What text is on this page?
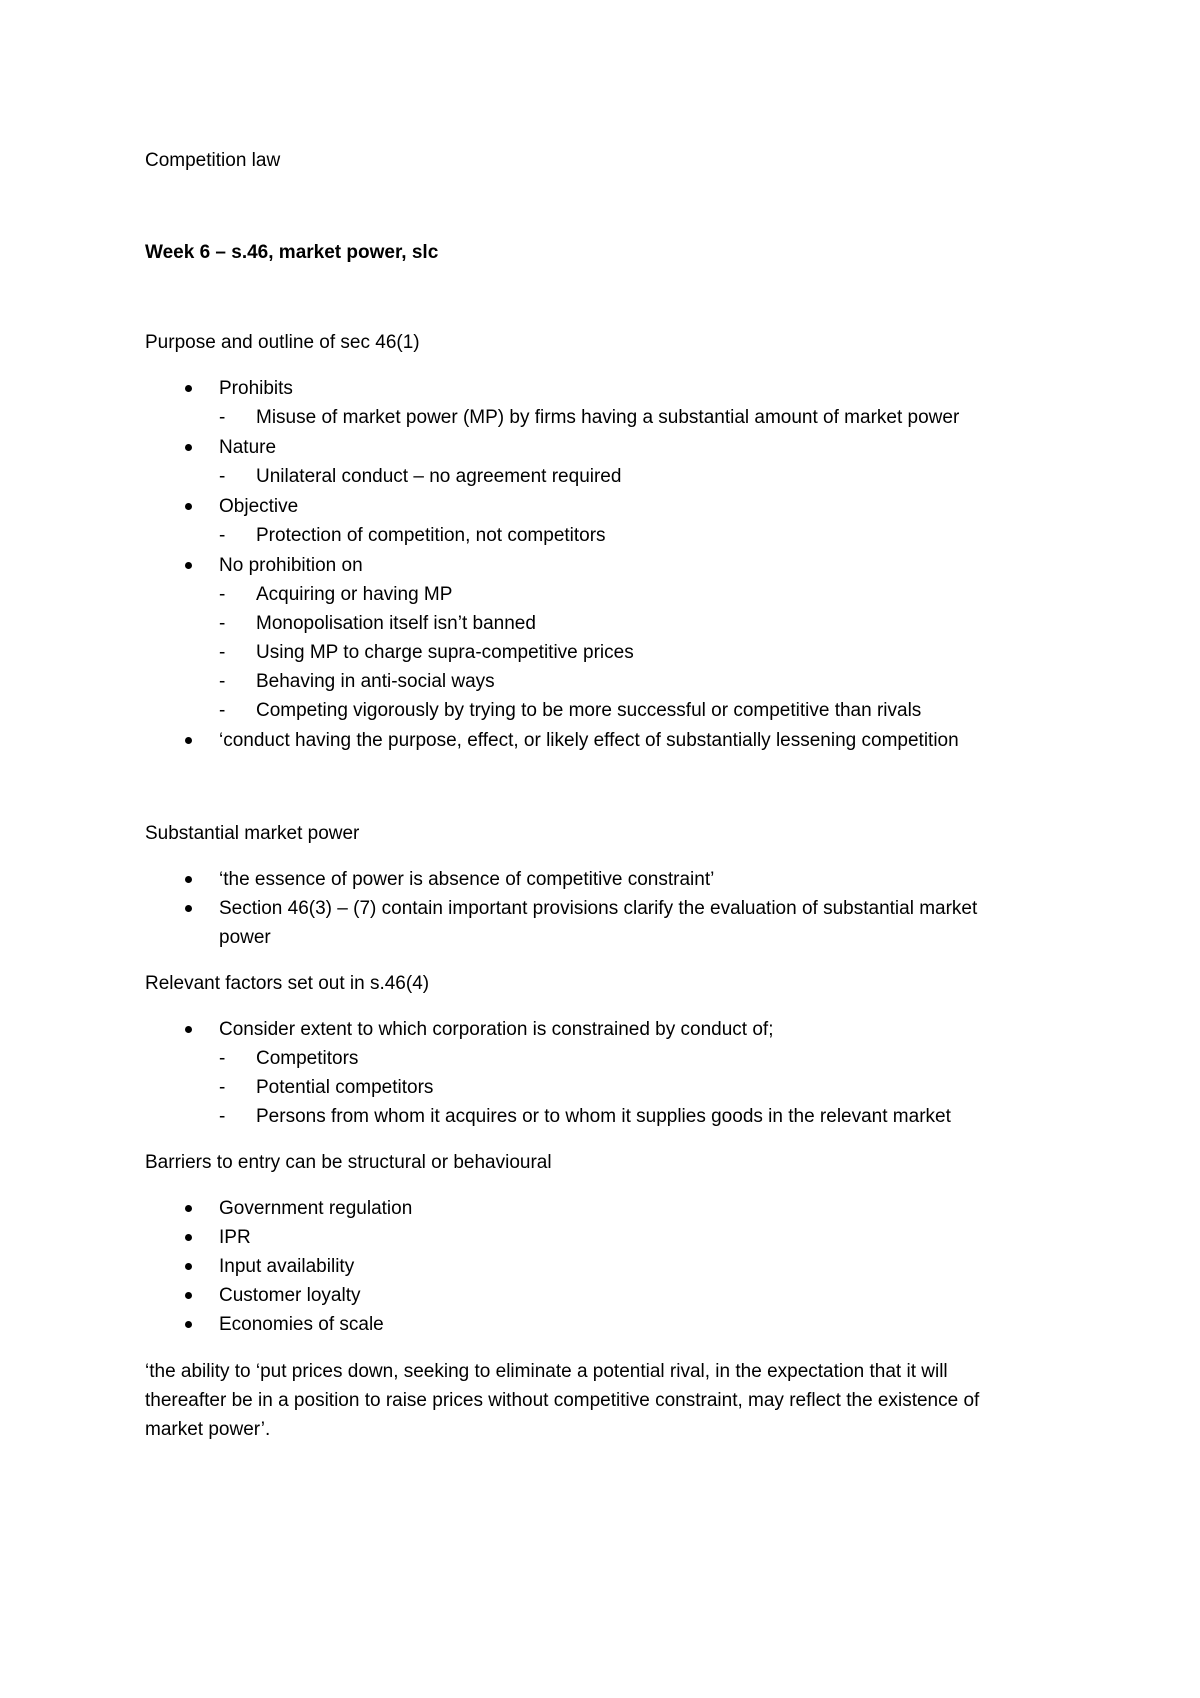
Competition law
Week 6 – s.46, market power, slc
Purpose and outline of sec 46(1)
Prohibits
- Misuse of market power (MP) by firms having a substantial amount of market power
Nature
- Unilateral conduct – no agreement required
Objective
- Protection of competition, not competitors
No prohibition on
- Acquiring or having MP
- Monopolisation itself isn’t banned
- Using MP to charge supra-competitive prices
- Behaving in anti-social ways
- Competing vigorously by trying to be more successful or competitive than rivals
‘conduct having the purpose, effect, or likely effect of substantially lessening competition
Substantial market power
‘the essence of power is absence of competitive constraint’
Section 46(3) – (7) contain important provisions clarify the evaluation of substantial market
power
Relevant factors set out in s.46(4)
Consider extent to which corporation is constrained by conduct of;
- Competitors
- Potential competitors
- Persons from whom it acquires or to whom it supplies goods in the relevant market
Barriers to entry can be structural or behavioural
Government regulation
IPR
Input availability
Customer loyalty
Economies of scale
‘the ability to ‘put prices down, seeking to eliminate a potential rival, in the expectation that it will
thereafter be in a position to raise prices without competitive constraint, may reflect the existence of
market power’.
